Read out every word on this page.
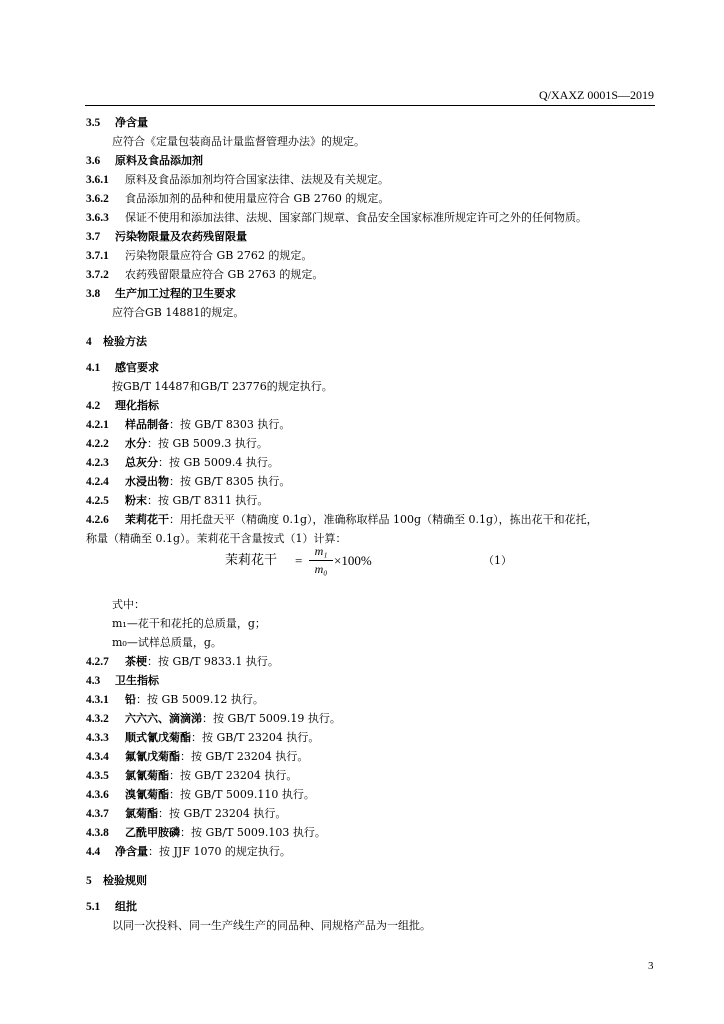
Q/XAXZ 0001S—2019
3.5 净含量
应符合《定量包装商品计量监督管理办法》的规定。
3.6 原料及食品添加剂
3.6.1 原料及食品添加剂均符合国家法律、法规及有关规定。
3.6.2 食品添加剂的品种和使用量应符合 GB 2760 的规定。
3.6.3 保证不使用和添加法律、法规、国家部门规章、食品安全国家标准所规定许可之外的任何物质。
3.7 污染物限量及农药残留限量
3.7.1 污染物限量应符合 GB 2762 的规定。
3.7.2 农药残留限量应符合 GB 2763 的规定。
3.8 生产加工过程的卫生要求
应符合GB 14881的规定。
4 检验方法
4.1 感官要求
按GB/T 14487和GB/T 23776的规定执行。
4.2 理化指标
4.2.1 样品制备 ：按 GB/T 8303 执行。
4.2.2 水分 ：按 GB 5009.3 执行。
4.2.3 总灰分 ：按 GB 5009.4 执行。
4.2.4 水浸出物 ：按 GB/T 8305 执行。
4.2.5 粉末 ：按 GB/T 8311 执行。
4.2.6 茉莉花干 ：用托盘天平（精确度 0.1g），准确称取样品 100g（精确至 0.1g），拣出花干和花托，
称量（精确至 0.1g）。茉莉花干含量按式（1）计算：
式中：
m₁—花干和花托的总质量，g；
m₀—试样总质量，g。
4.2.7 茶梗 ：按 GB/T 9833.1 执行。
4.3 卫生指标
4.3.1 铅 ：按 GB 5009.12 执行。
4.3.2 六六六、滴滴涕 ：按 GB/T 5009.19 执行。
4.3.3 顺式氰戊菊酯 ：按 GB/T 23204 执行。
4.3.4 氟氰戊菊酯 ：按 GB/T 23204 执行。
4.3.5 氯氰菊酯 ：按 GB/T 23204 执行。
4.3.6 溴氰菊酯 ：按 GB/T 5009.110 执行。
4.3.7 氯菊酯 ：按 GB/T 23204 执行。
4.3.8 乙酰甲胺磷 ：按 GB/T 5009.103 执行。
4.4 净含量 ：按 JJF 1070 的规定执行。
5 检验规则
5.1 组批
以同一次投料、同一生产线生产的同品种、同规格产品为一组批。
茉莉花干 =
m₁
m₀
×100%	（1）
3
